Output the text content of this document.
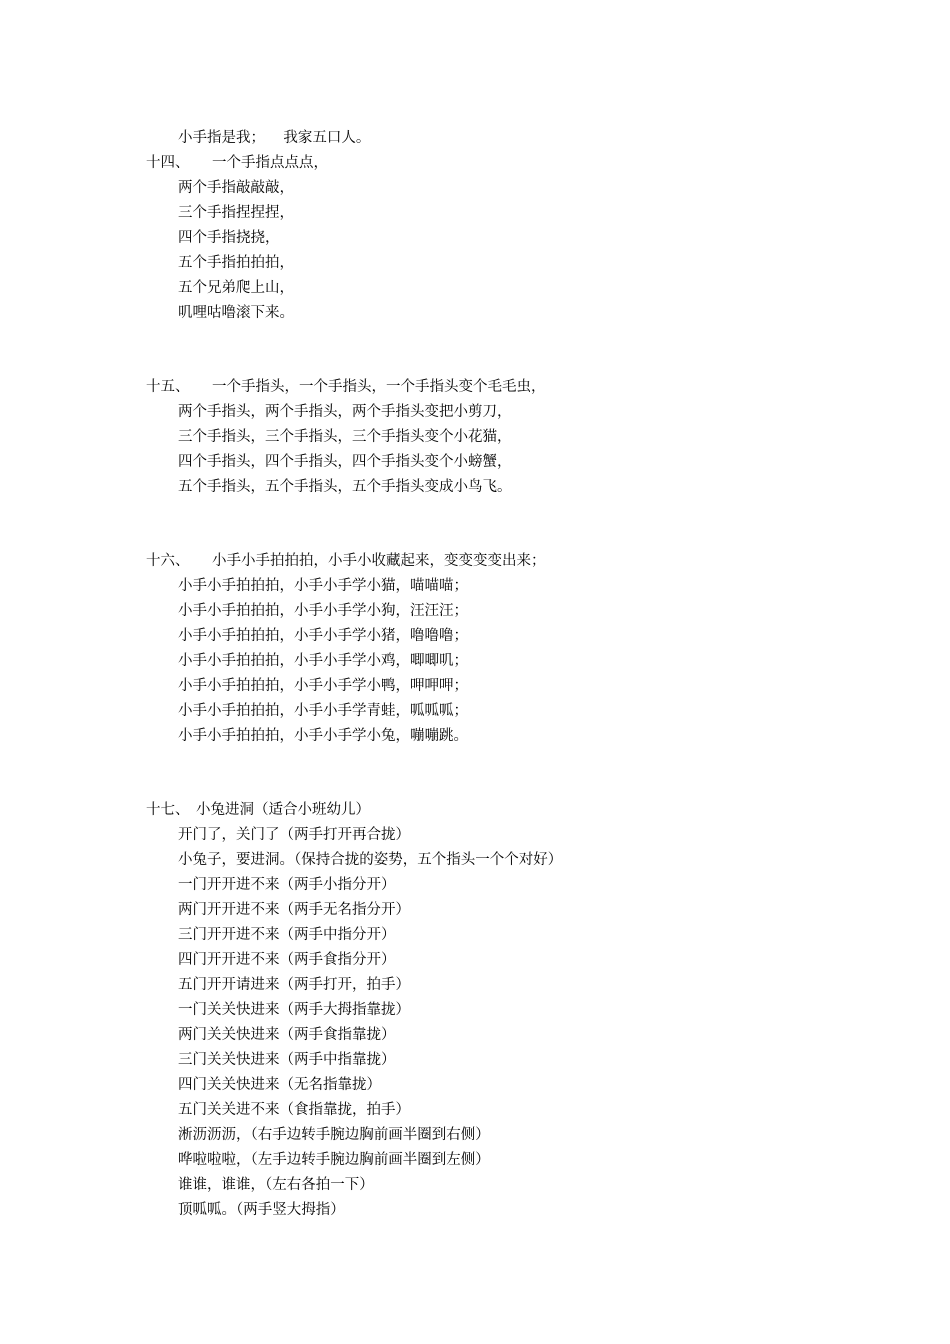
小手指是我；    我家五口人。
十四、 一个手指点点点，
两个手指敲敲敲，
三个手指捏捏捏，
四个手指挠挠，
五个手指拍拍拍，
五个兄弟爬上山，
叽哩咕噜滚下来。
十五、 一个手指头，一个手指头，一个手指头变个毛毛虫，
两个手指头，两个手指头，两个手指头变把小剪刀，
三个手指头，三个手指头，三个手指头变个小花猫，
四个手指头，四个手指头，四个手指头变个小螃蟹，
五个手指头，五个手指头，五个手指头变成小鸟飞。
十六、 小手小手拍拍拍，小手小收藏起来，变变变变出来；
小手小手拍拍拍，小手小手学小猫，喵喵喵；
小手小手拍拍拍，小手小手学小狗，汪汪汪；
小手小手拍拍拍，小手小手学小猪，噜噜噜；
小手小手拍拍拍，小手小手学小鸡，唧唧叽；
小手小手拍拍拍，小手小手学小鸭，呷呷呷；
小手小手拍拍拍，小手小手学青蛙，呱呱呱；
小手小手拍拍拍，小手小手学小兔，嘣嘣跳。
十七、 小兔进洞（适合小班幼儿）
开门了，关门了（两手打开再合拢）
小兔子，要进洞。（保持合拢的姿势，五个指头一个个对好）
一门开开进不来（两手小指分开）
两门开开进不来（两手无名指分开）
三门开开进不来（两手中指分开）
四门开开进不来（两手食指分开）
五门开开请进来（两手打开，拍手）
一门关关快进来（两手大拇指靠拢）
两门关关快进来（两手食指靠拢）
三门关关快进来（两手中指靠拢）
四门关关快进来（无名指靠拢）
五门关关进不来（食指靠拢，拍手）
淅沥沥沥，（右手边转手腕边胸前画半圈到右侧）
哗啦啦啦，（左手边转手腕边胸前画半圈到左侧）
谁谁，谁谁，（左右各拍一下）
顶呱呱。（两手竖大拇指）
